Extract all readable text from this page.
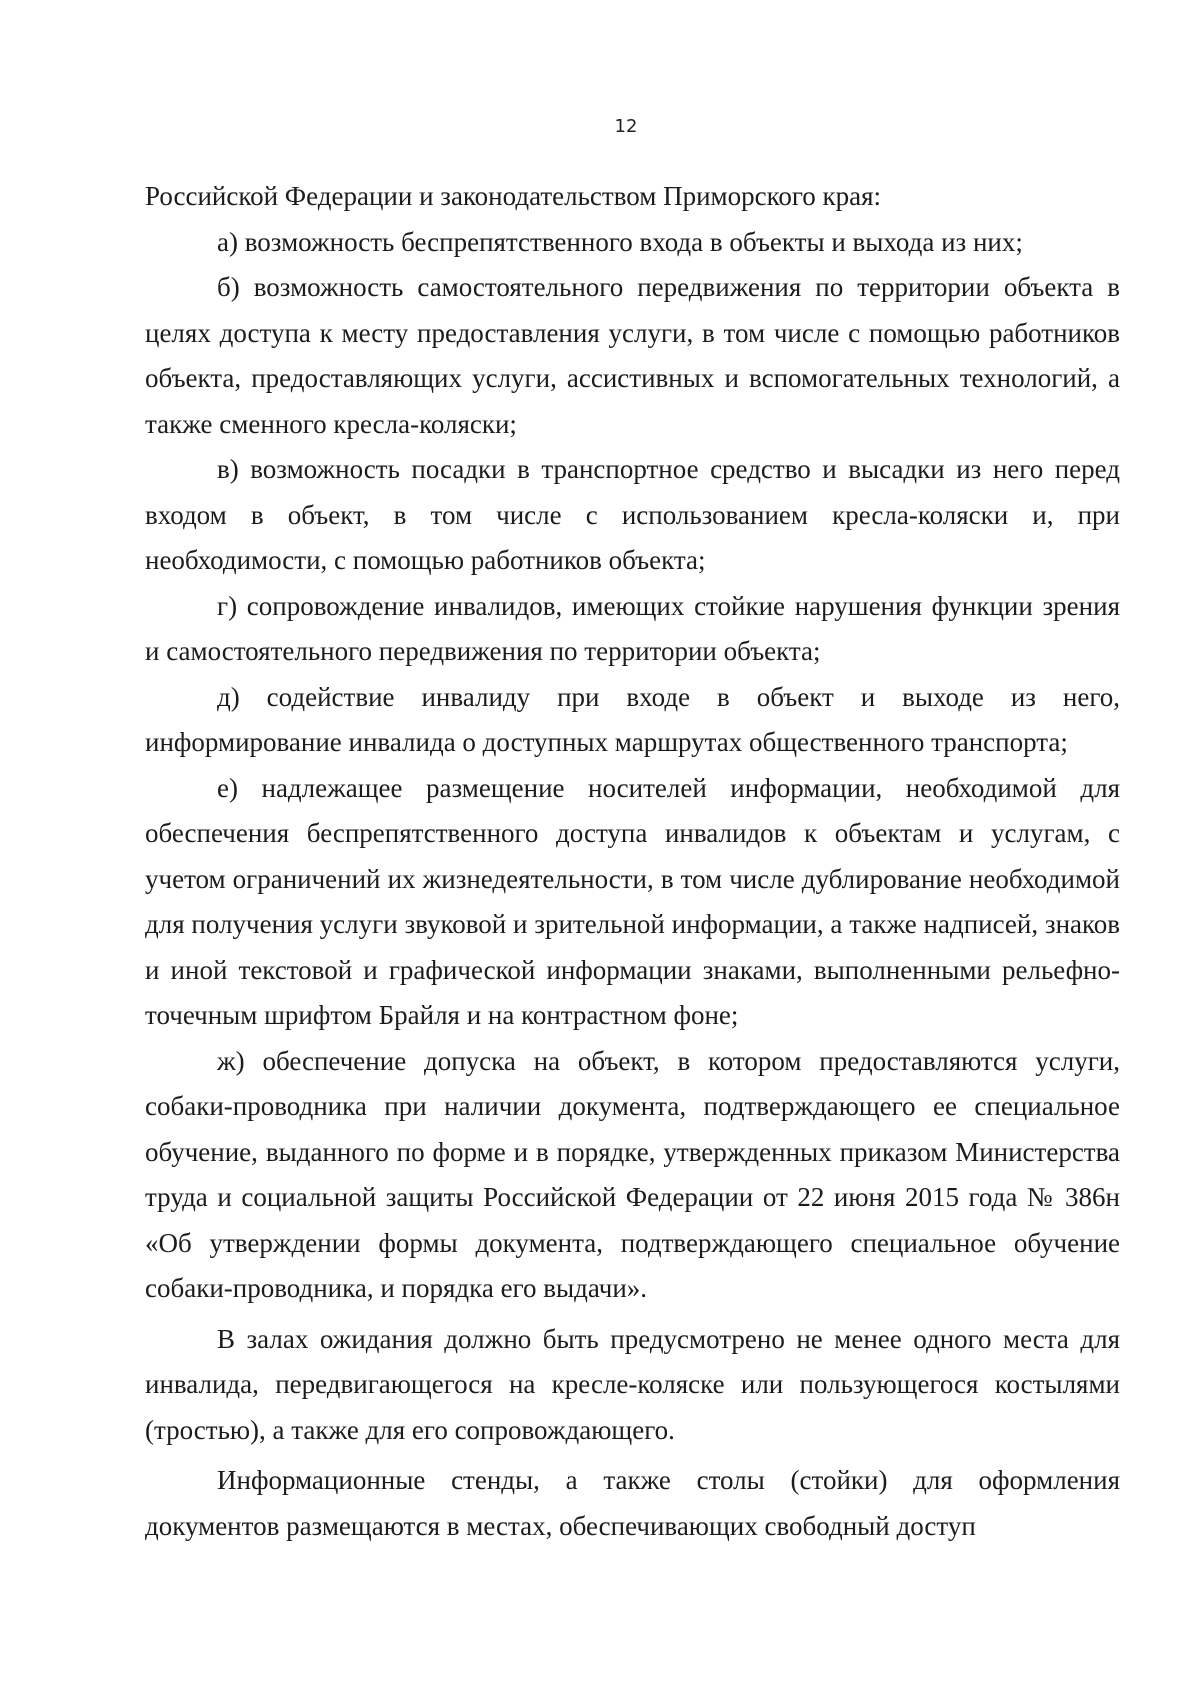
12

Российской Федерации и законодательством Приморского края:

а) возможность беспрепятственного входа в объекты и выхода из них;

б) возможность самостоятельного передвижения по территории объекта в целях доступа к месту предоставления услуги, в том числе с помощью работников объекта, предоставляющих услуги, ассистивных и вспомогательных технологий, а также сменного кресла-коляски;

в) возможность посадки в транспортное средство и высадки из него перед входом в объект, в том числе с использованием кресла-коляски и, при необходимости, с помощью работников объекта;

г) сопровождение инвалидов, имеющих стойкие нарушения функции зрения и самостоятельного передвижения по территории объекта;

д) содействие инвалиду при входе в объект и выходе из него, информирование инвалида о доступных маршрутах общественного транспорта;

е) надлежащее размещение носителей информации, необходимой для обеспечения беспрепятственного доступа инвалидов к объектам и услугам, с учетом ограничений их жизнедеятельности, в том числе дублирование необходимой для получения услуги звуковой и зрительной информации, а также надписей, знаков и иной текстовой и графической информации знаками, выполненными рельефно-точечным шрифтом Брайля и на контрастном фоне;

ж) обеспечение допуска на объект, в котором предоставляются услуги, собаки-проводника при наличии документа, подтверждающего ее специальное обучение, выданного по форме и в порядке, утвержденных приказом Министерства труда и социальной защиты Российской Федерации от 22 июня 2015 года № 386н «Об утверждении формы документа, подтверждающего специальное обучение собаки-проводника, и порядка его выдачи».

В залах ожидания должно быть предусмотрено не менее одного места для инвалида, передвигающегося на кресле-коляске или пользующегося костылями (тростью), а также для его сопровождающего.

Информационные стенды, а также столы (стойки) для оформления документов размещаются в местах, обеспечивающих свободный доступ
